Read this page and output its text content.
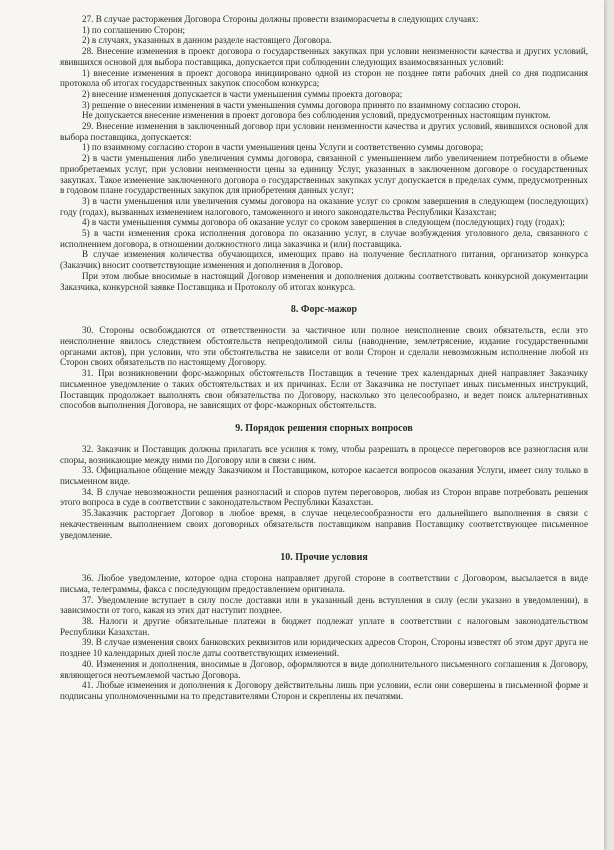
27. В случае расторжения Договора Стороны должны провести взаиморасчеты в следующих случаях:

1) по соглашению Сторон;

2) в случаях, указанных в данном разделе настоящего Договора.

28. Внесение изменения в проект договора о государственных закупках при условии неизменности качества и других условий, явившихся основой для выбора поставщика, допускается при соблюдении следующих взаимосвязанных условий:

1) внесение изменения в проект договора инициировано одной из сторон не позднее пяти рабочих дней со дня подписания протокола об итогах государственных закупок способом конкурса;

2) внесение изменения допускается в части уменьшения суммы проекта договора;

3) решение о внесении изменения в части уменьшения суммы договора принято по взаимному согласию сторон.

Не допускается внесение изменения в проект договора без соблюдения условий, предусмотренных настоящим пунктом.

29. Внесение изменения в заключенный договор при условии неизменности качества и других условий, явившихся основой для выбора поставщика, допускается:

1) по взаимному согласию сторон в части уменьшения цены Услуги и соответственно суммы договора;

2) в части уменьшения либо увеличения суммы договора, связанной с уменьшением либо увеличением потребности в объеме приобретаемых услуг, при условии неизменности цены за единицу Услуг, указанных в заключенном договоре о государственных закупках. Такое изменение заключенного договора о государственных закупках услуг допускается в пределах сумм, предусмотренных в годовом плане государственных закупок для приобретения данных услуг;

3) в части уменьшения или увеличения суммы договора на оказание услуг со сроком завершения в следующем (последующих) году (годах), вызванных изменением налогового, таможенного и иного законодательства Республики Казахстан;

4) в части уменьшения суммы договора об оказание услуг со сроком завершения в следующем (последующих) году (годах);

5) в части изменения срока исполнения договора по оказанию услуг, в случае возбуждения уголовного дела, связанного с исполнением договора, в отношении должностного лица заказчика и (или) поставщика.

В случае изменения количества обучающихся, имеющих право на получение бесплатного питания, организатор конкурса (Заказчик) вносит соответствующие изменения и дополнения в Договор.

При этом любые вносимые в настоящий Договор изменения и дополнения должны соответствовать конкурсной документации Заказчика, конкурсной заявке Поставщика и Протоколу об итогах конкурса.

8. Форс-мажор

30. Стороны освобождаются от ответственности за частичное или полное неисполнение своих обязательств, если это неисполнение явилось следствием обстоятельств непреодолимой силы (наводнение, землетрясение, издание государственными органами актов), при условии, что эти обстоятельства не зависели от воли Сторон и сделали невозможным исполнение любой из Сторон своих обязательств по настоящему Договору.

31. При возникновении форс-мажорных обстоятельств Поставщик в течение трех календарных дней направляет Заказчику письменное уведомление о таких обстоятельствах и их причинах. Если от Заказчика не поступает иных письменных инструкций, Поставщик продолжает выполнять свои обязательства по Договору, насколько это целесообразно, и ведет поиск альтернативных способов выполнения Договора, не зависящих от форс-мажорных обстоятельств.

9. Порядок решения спорных вопросов

32. Заказчик и Поставщик должны прилагать все усилия к тому, чтобы разрешать в процессе переговоров все разногласия или споры, возникающие между ними по Договору или в связи с ним.

33. Официальное общение между Заказчиком и Поставщиком, которое касается вопросов оказания Услуги, имеет силу только в письменном виде.

34. В случае невозможности решения разногласий и споров путем переговоров, любая из Сторон вправе потребовать решения этого вопроса в суде в соответствии с законодательством Республики Казахстан.

35.Заказчик расторгает Договор в любое время, в случае нецелесообразности его дальнейшего выполнения в связи с некачественным выполнением своих договорных обязательств поставщиком направив Поставщику соответствующее письменное уведомление.

10. Прочие условия

36. Любое уведомление, которое одна сторона направляет другой стороне в соответствии с Договором, высылается в виде письма, телеграммы, факса с последующим предоставлением оригинала.

37. Уведомление вступает в силу после доставки или в указанный день вступления в силу (если указано в уведомлении), в зависимости от того, какая из этих дат наступит позднее.

38. Налоги и другие обязательные платежи в бюджет подлежат уплате в соответствии с налоговым законодательством Республики Казахстан.

39. В случае изменения своих банковских реквизитов или юридических адресов Сторон, Стороны известят об этом друг друга не позднее 10 календарных дней после даты соответствующих изменений.

40. Изменения и дополнения, вносимые в Договор, оформляются в виде дополнительного письменного соглашения к Договору, являющегося неотъемлемой частью Договора.

41. Любые изменения и дополнения к Договору действительны лишь при условии, если они совершены в письменной форме и подписаны уполномоченными на то представителями Сторон и скреплены их печатями.
